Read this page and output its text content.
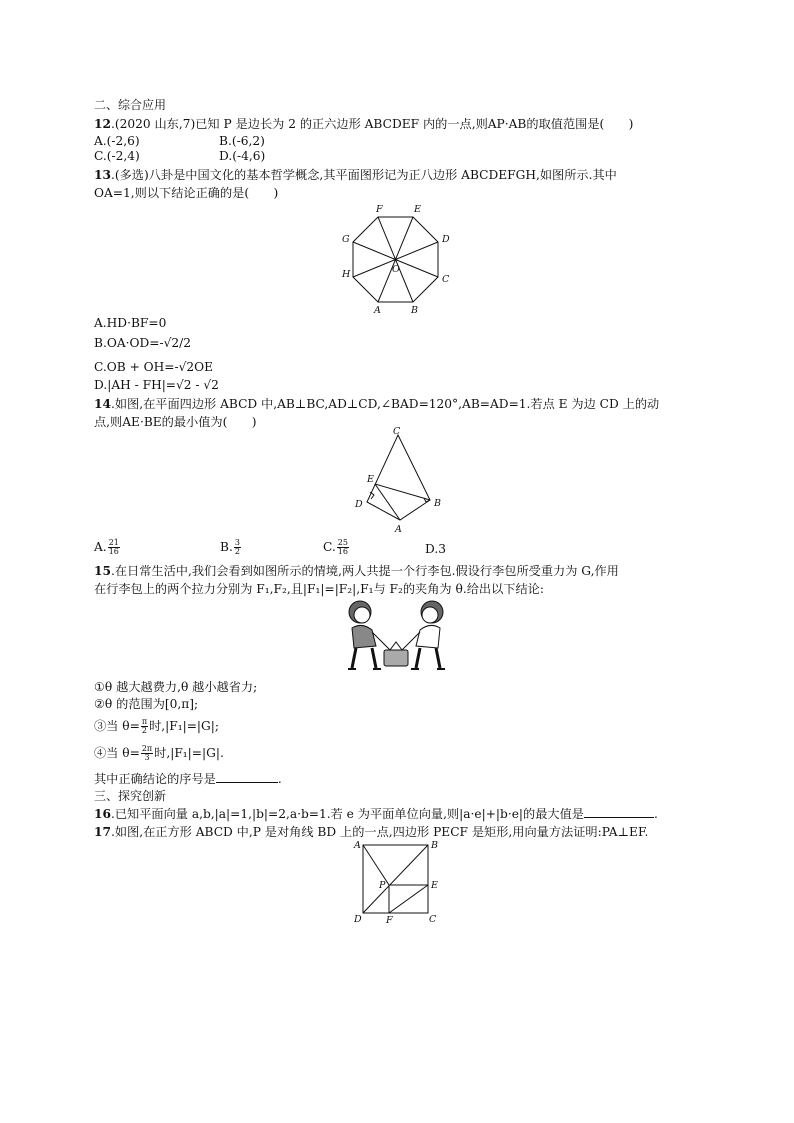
二、综合应用
12.(2020 山东,7)已知 P 是边长为 2 的正六边形 ABCDEF 内的一点,则AP·AB的取值范围是(　　)
A.(-2,6)	B.(-6,2)
C.(-2,4)	D.(-4,6)
13.(多选)八卦是中国文化的基本哲学概念,其平面图形记为正八边形 ABCDEFGH,如图所示.其中
OA=1,则以下结论正确的是(　　)
A	B
C
D
E
F
G
H	O
A.HD·BF=0
B.OA·OD=-√2/2
C.OB + OH=-√2OE
D.|AH - FH|=√2 - √2
14.如图,在平面四边形 ABCD 中,AB⊥BC,AD⊥CD,∠BAD=120°,AB=AD=1.若点 E 为边 CD 上的动
点,则AE·BE的最小值为(　　)
C
E
D	B
A
A. $\frac{21}{16}$	B. $\frac{3}{2}$	C. $\frac{25}{16}$	D.3
15.在日常生活中,我们会看到如图所示的情境,两人共提一个行李包.假设行李包所受重力为 G,作用
在行李包上的两个拉力分别为 F₁,F₂,且|F₁|=|F₂|,F₁与 F₂的夹角为 θ.给出以下结论:
①θ 越大越费力,θ 越小越省力;
②θ 的范围为[0,π];
③当 $\theta= \frac{\pi}{2}$ 时,|F₁|=|G|;
④当 $\theta= \frac{2\pi}{3}$ 时,|F₁|=|G|.
其中正确结论的序号是	.
三、探究创新
16.已知平面向量 a,b,|a|=1,|b|=2,a·b=1.若 e 为平面单位向量,则|a·e|+|b·e|的最大值是	.
17.如图,在正方形 ABCD 中,P 是对角线 BD 上的一点,四边形 PECF 是矩形,用向量方法证明:PA⊥EF.
A	B
P	E
D	F	C
